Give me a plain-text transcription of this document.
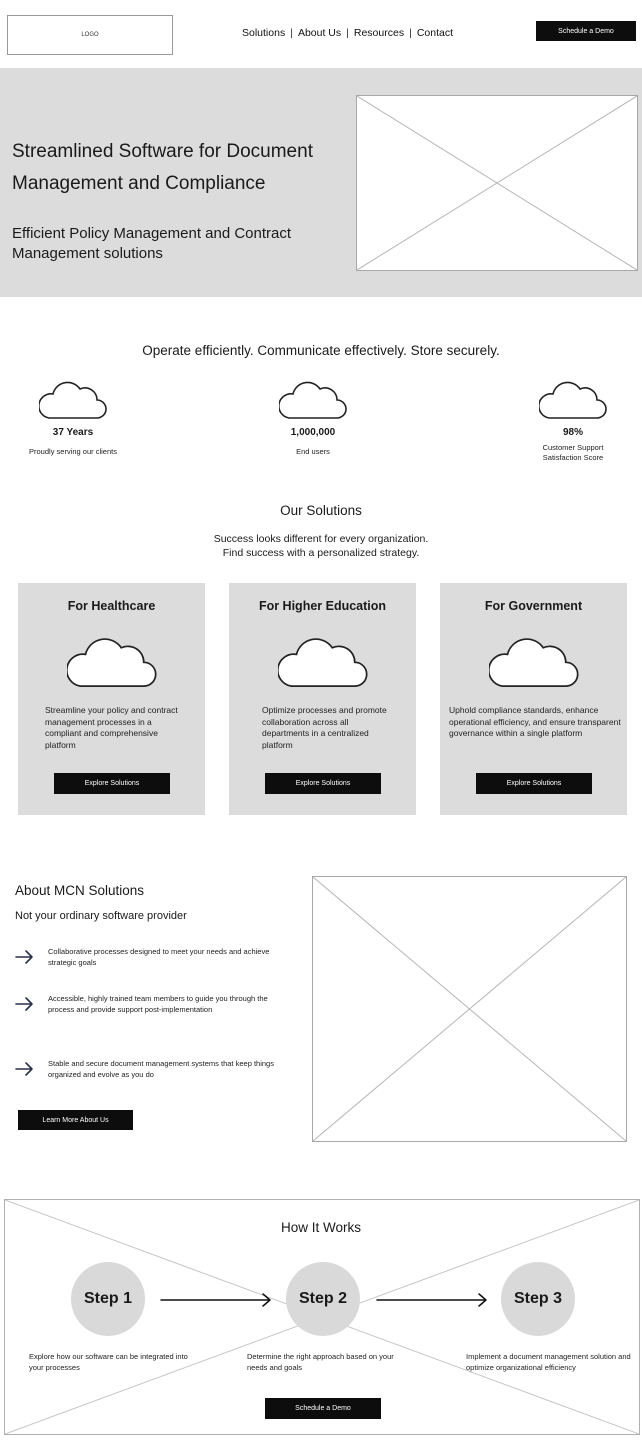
LOGO	Solutions | About Us | Resources | Contact	Schedule a Demo
Streamlined Software for Document Management and Compliance
Efficient Policy Management and Contract Management solutions
Operate efficiently. Communicate effectively. Store securely.
37 Years
Proudly serving our clients
1,000,000
End users
98%
Customer Support Satisfaction Score
Our Solutions
Success looks different for every organization.
Find success with a personalized strategy.
For Healthcare
Streamline your policy and contract management processes in a compliant and comprehensive platform
Explore Solutions
For Higher Education
Optimize processes and promote collaboration across all departments in a centralized platform
Explore Solutions
For Government
Uphold compliance standards, enhance operational efficiency, and ensure transparent governance within a single platform
Explore Solutions
About MCN Solutions
Not your ordinary software provider
Collaborative processes designed to meet your needs and achieve strategic goals
Accessible, highly trained team members to guide you through the process and provide support post-implementation
Stable and secure document management systems that keep things organized and evolve as you do
Learn More About Us
How It Works
Step 1	Step 2	Step 3
Explore how our software can be integrated into your processes
Determine the right approach based on your needs and goals
Implement a document management solution and optimize organizational efficiency
Schedule a Demo
